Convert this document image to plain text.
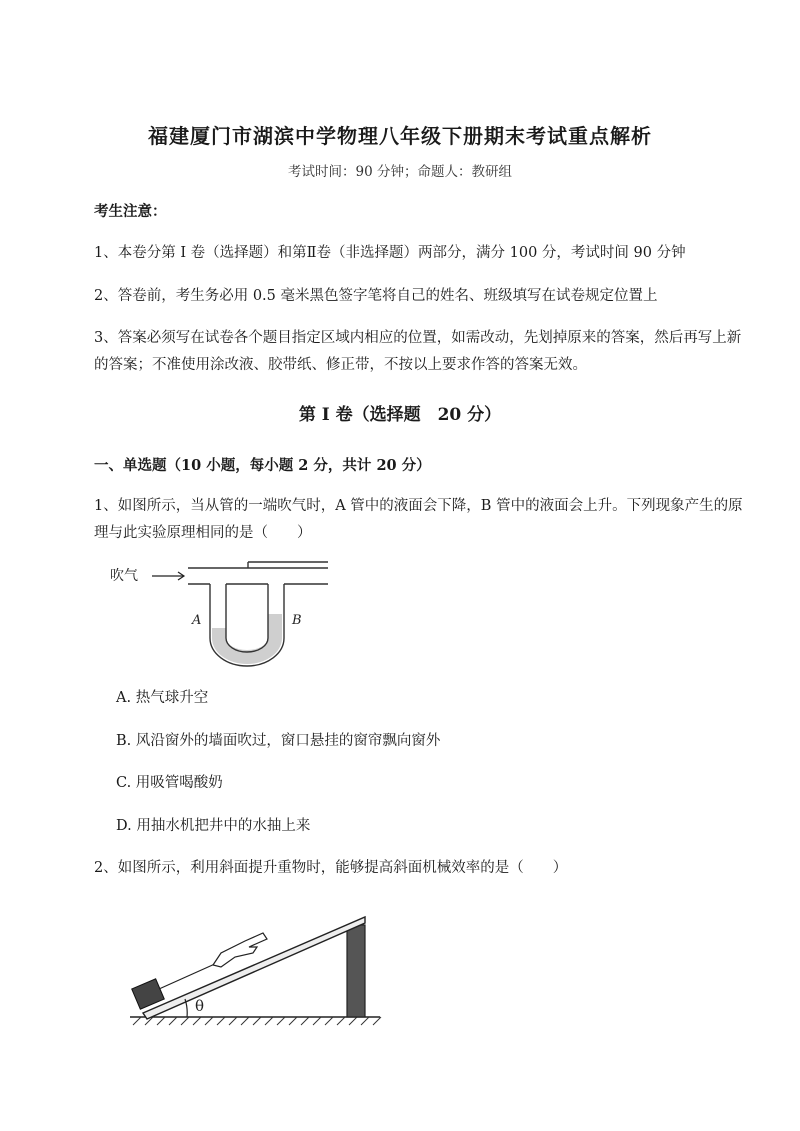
福建厦门市湖滨中学物理八年级下册期末考试重点解析
考试时间：90 分钟；命题人：教研组
考生注意：
1、本卷分第 I 卷（选择题）和第Ⅱ卷（非选择题）两部分，满分 100 分，考试时间 90 分钟
2、答卷前，考生务必用 0.5 毫米黑色签字笔将自己的姓名、班级填写在试卷规定位置上
3、答案必须写在试卷各个题目指定区域内相应的位置，如需改动，先划掉原来的答案，然后再写上新的答案；不准使用涂改液、胶带纸、修正带，不按以上要求作答的答案无效。
第 I 卷（选择题　20 分）
一、单选题（10 小题，每小题 2 分，共计 20 分）
1、如图所示，当从管的一端吹气时，A 管中的液面会下降，B 管中的液面会上升。下列现象产生的原理与此实验原理相同的是（　　）
吹气
A	B
A. 热气球升空
B. 风沿窗外的墙面吹过，窗口悬挂的窗帘飘向窗外
C. 用吸管喝酸奶
D. 用抽水机把井中的水抽上来
2、如图所示，利用斜面提升重物时，能够提高斜面机械效率的是（　　）
θ
